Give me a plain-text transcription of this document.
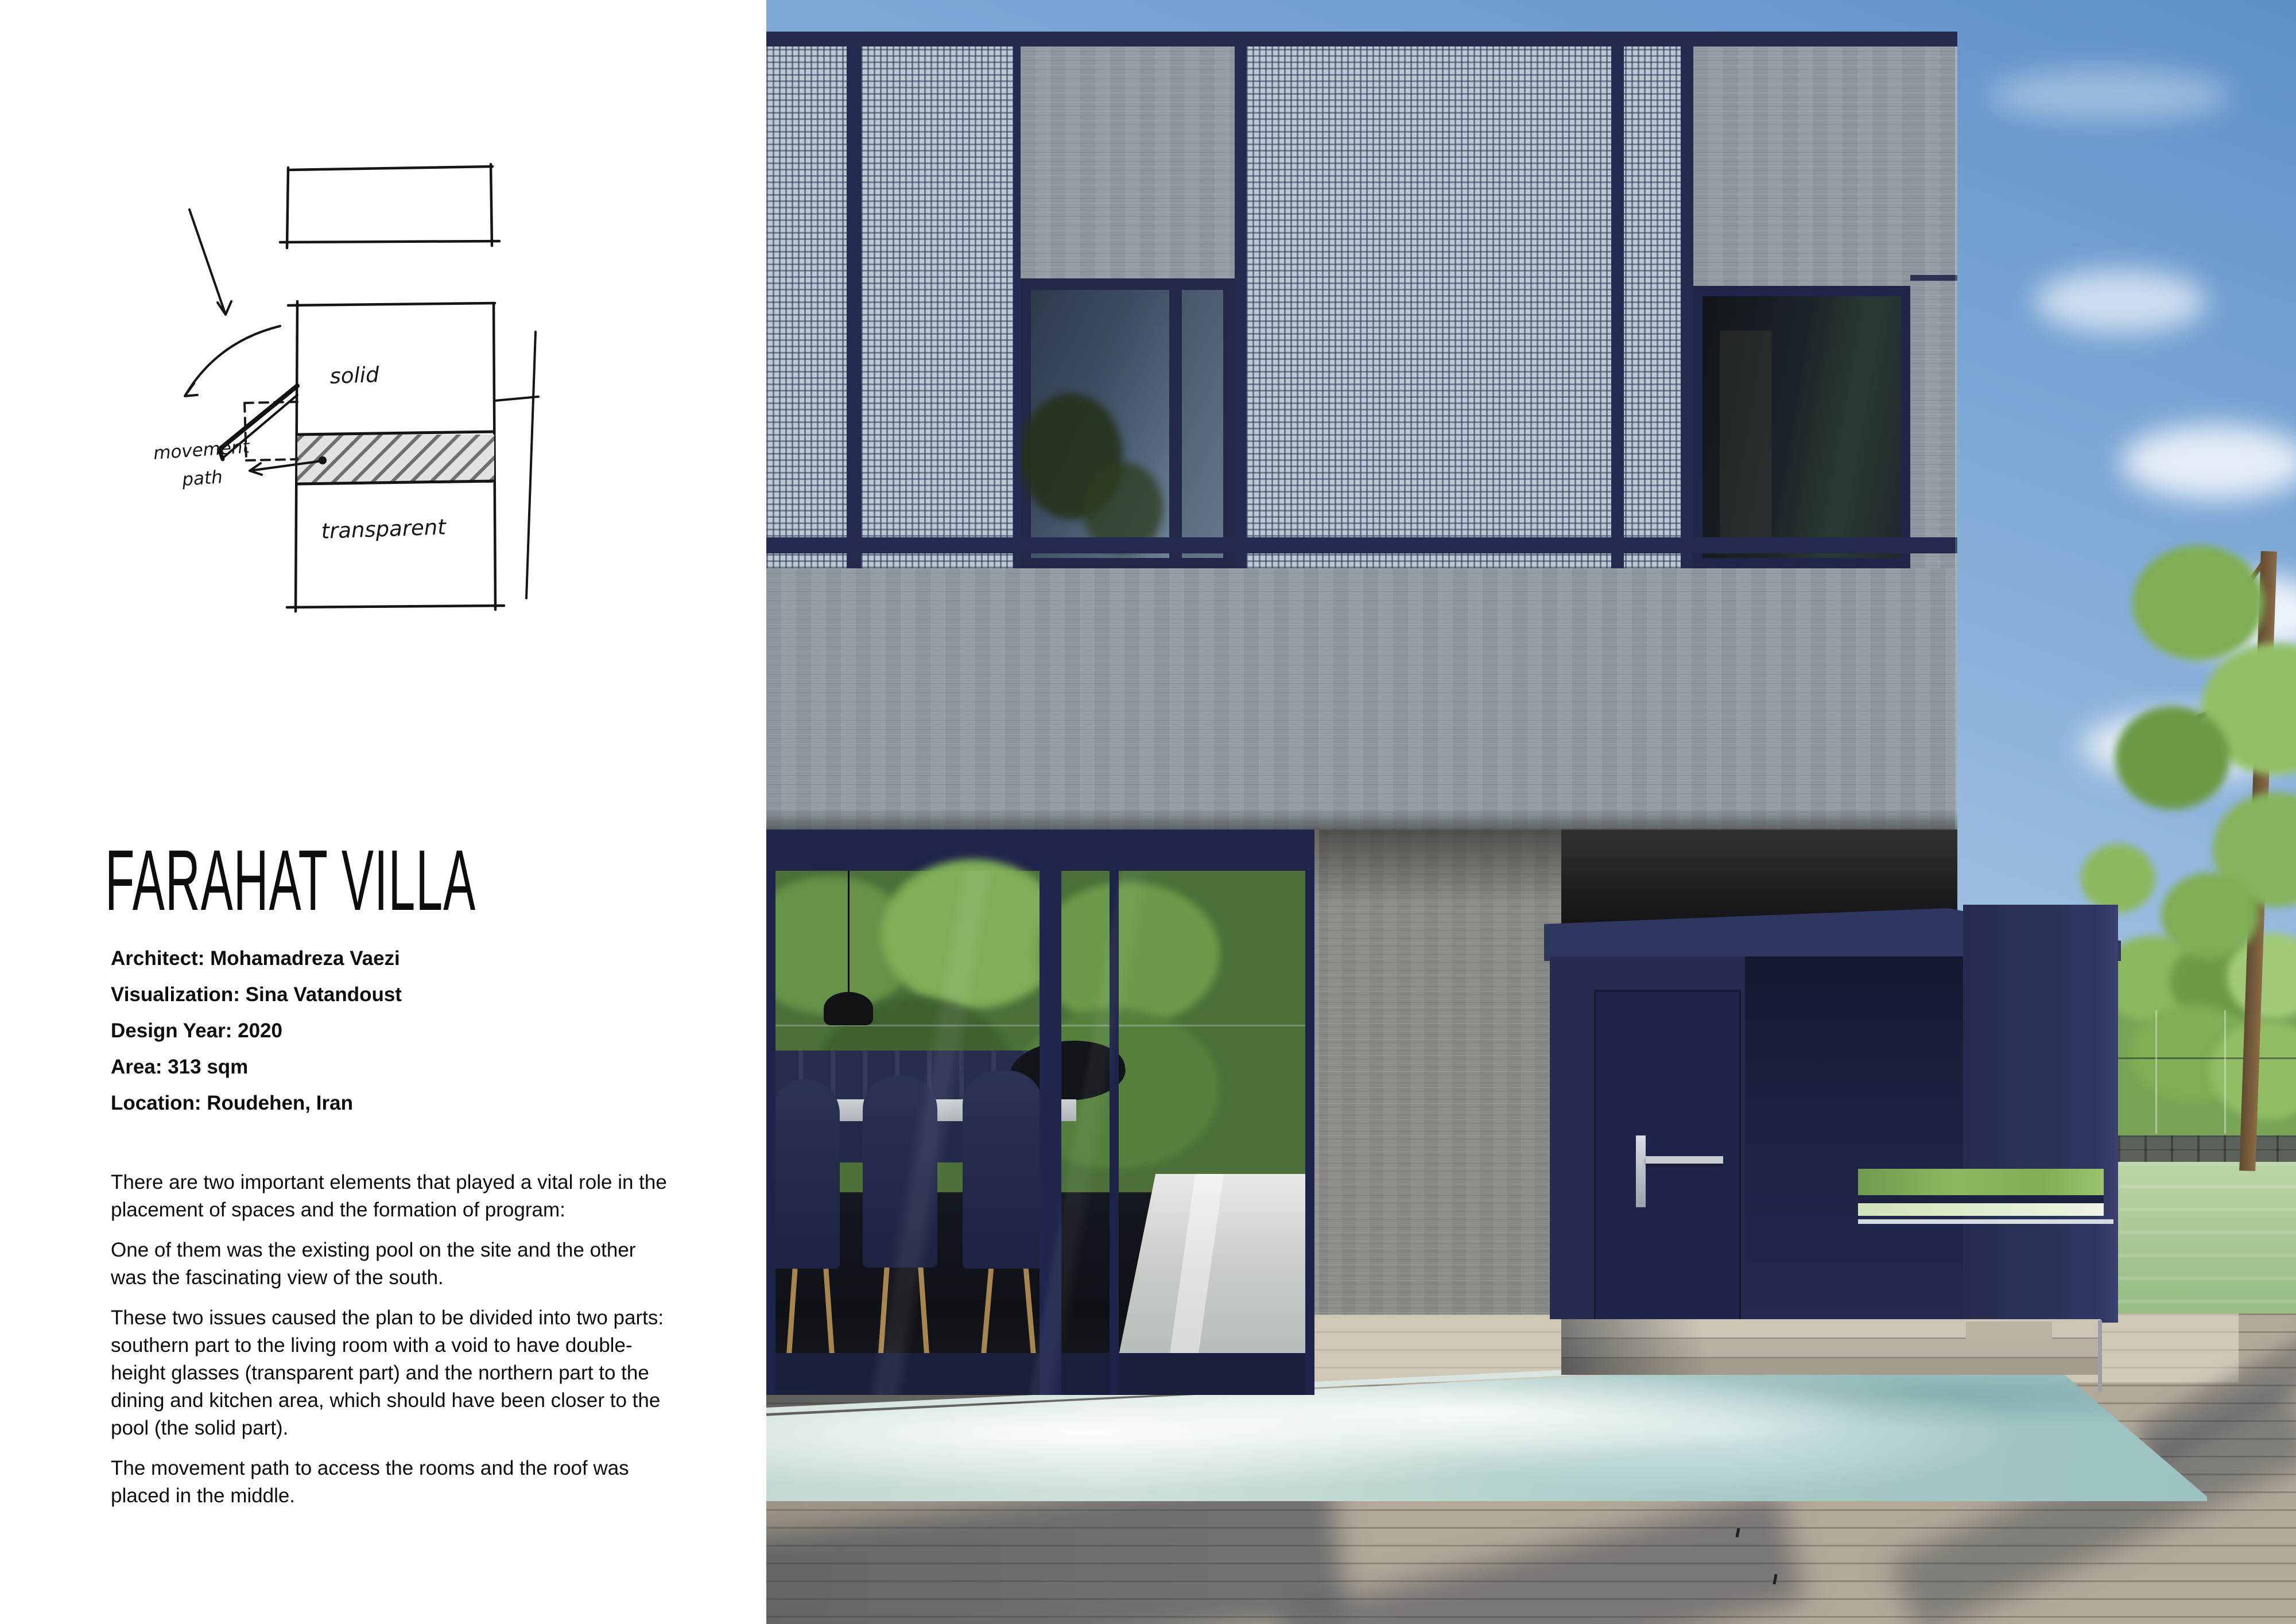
solid
movement
path
transparent
FARAHAT VILLA
Architect: Mohamadreza Vaezi
Visualization: Sina Vatandoust
Design Year: 2020
Area: 313 sqm
Location: Roudehen, Iran

There are two important elements that played a vital role in the placement of spaces and the formation of program:

One of them was the existing pool on the site and the other was the fascinating view of the south.

These two issues caused the plan to be divided into two parts: southern part to the living room with a void to have double-height glasses (transparent part) and the northern part to the dining and kitchen area, which should have been closer to the pool (the solid part).

The movement path to access the rooms and the roof was placed in the middle.
